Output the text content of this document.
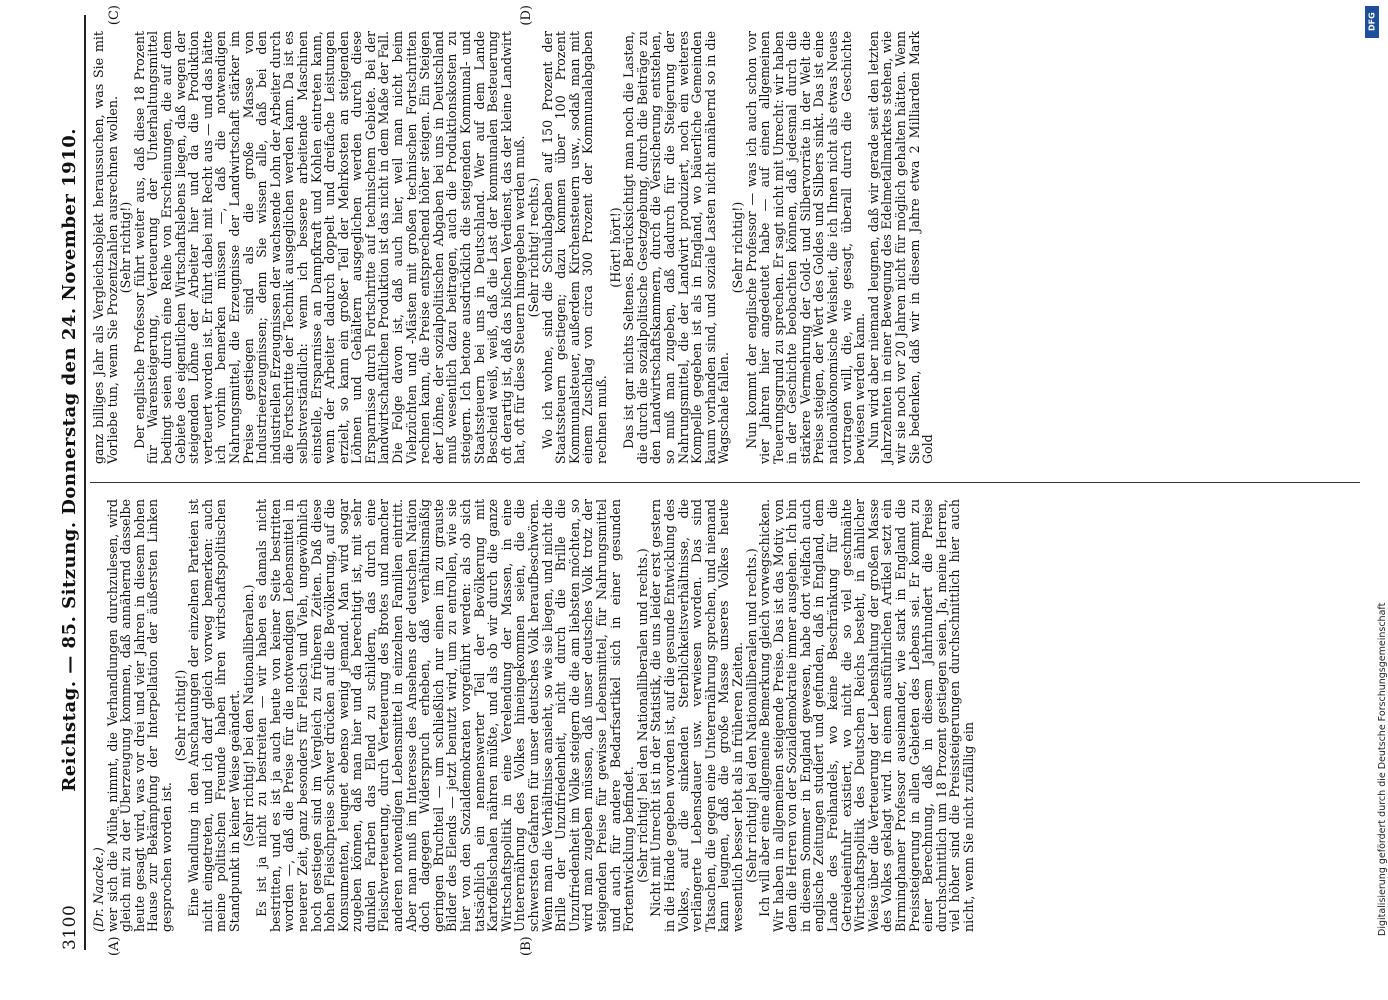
3100
Reichstag. — 85. Sitzung. Donnerstag den 24. November 1910.
(A)	(B)

(Dr. Naacke.)

wer sich die Mühe nimmt, die Verhandlungen durchzulesen, wird gleich mit zu der Überzeugung kommen, daß annähernd dasselbe heute gesagt wird, was vor drei und vier Jahren in diesem hohen Hause zur Bekämpfung der Interpellation der äußersten Linken gesprochen worden ist.

(Sehr richtig!)

Eine Wandlung in den Anschauungen der einzelnen Parteien ist nicht eingetreten, und ich darf gleich vorweg bemerken: auch meine politischen Freunde haben ihren wirtschaftspolitischen Standpunkt in keiner Weise geändert.

(Sehr richtig! bei den Nationalliberalen.)

Es ist ja nicht zu bestreiten — wir haben es damals nicht bestritten, und es ist ja auch heute von keiner Seite bestritten worden —, daß die Preise für die notwendigen Lebensmittel in neuerer Zeit, ganz besonders für Fleisch und Vieh, ungewöhnlich hoch gestiegen sind im Vergleich zu früheren Zeiten. Daß diese hohen Fleischpreise schwer drücken auf die Bevölkerung, auf die Konsumenten, leugnet ebenso wenig jemand. Man wird sogar zugeben können, daß man hier und da berechtigt ist, mit sehr dunklen Farben das Elend zu schildern, das durch eine Fleischverteuerung, durch Verteuerung des Brotes und mancher anderen notwendigen Lebensmittel in einzelnen Familien eintritt. Aber man muß im Interesse des Ansehens der deutschen Nation doch dagegen Widerspruch erheben, daß verhältnismäßig geringen Bruchteil — um schließlich nur einen im zu grauste Bilder des Elends — jetzt benutzt wird, um zu entrollen, wie sie hier von den Sozialdemokraten vorgeführt werden: als ob sich tatsächlich ein nennenswerter Teil der Bevölkerung mit Kartoffelschalen nähren müßte, und als ob wir durch die ganze Wirtschaftspolitik in eine Verelendung der Massen, in eine Unterernährung des Volkes hineingekommen seien, die die schwersten Gefahren für unser deutsches Volk heraufbeschwören. Wenn man die Verhältnisse ansieht, so wie sie liegen, und nicht die Brille der Unzufriedenheit, nicht durch die Brille die Unzufriedenheit im Volke steigern die die am liebsten möchten, so wird man zugeben müssen, daß unser deutsches Volk trotz der steigenden Preise für gewisse Lebensmittel, für Nahrungsmittel und auch für andere Bedarfsartikel sich in einer gesunden Fortentwicklung befindet.

(Sehr richtig! bei den Nationalliberalen und rechts.)

Nicht mit Unrecht ist in der Statistik, die uns leider erst gestern in die Hände gegeben worden ist, auf die gesunde Entwicklung des Volkes, auf die sinkenden Sterblichkeitsverhältnisse, die verlängerte Lebensdauer usw. verwiesen worden. Das sind Tatsachen, die gegen eine Unterernährung sprechen, und niemand kann leugnen, daß die große Masse unseres Volkes heute wesentlich besser lebt als in früheren Zeiten.

(Sehr richtig! bei den Nationalliberalen und rechts.)

Ich will aber eine allgemeine Bemerkung gleich vorwegschicken. Wir haben in allgemeinen steigende Preise. Das ist das Motiv, von dem die Herren von der Sozialdemokratie immer ausgehen. Ich bin in diesem Sommer in England gewesen, habe dort vielfach auch englische Zeitungen studiert und gefunden, daß in England, dem Lande des Freihandels, wo keine Beschränkung für die Getreideeinfuhr existiert, wo nicht die so viel geschmähte Wirtschaftspolitik des Deutschen Reichs besteht, in ähnlicher Weise über die Verteuerung der Lebenshaltung der großen Masse des Volkes geklagt wird. In einem ausführlichen Artikel setzt ein Birminghamer Professor auseinander, wie stark in England die Preissteigerung in allen Gebieten des Lebens sei. Er kommt zu einer Berechnung, daß in diesem Jahrhundert die Preise durchschnittlich um 18 Prozent gestiegen seien. Ja, meine Herren, viel höher sind die Preissteigerungen durchschnittlich hier auch nicht, wenn Sie nicht zufällig ein

(C)	(D)

ganz billiges Jahr als Vergleichsobjekt heraussuchen, was Sie mit Vorliebe tun, wenn Sie Prozentzahlen ausrechnen wollen.

(Sehr richtig!)

Der englische Professor führt weiter aus, daß diese 18 Prozent für Warensteigerung, Verteuerung der Unterhaltungsmittel bedingt seien durch eine Reihe von Erscheinungen, die auf dem Gebiete des eigentlichen Wirtschaftslebens liegen, daß wegen der steigenden Löhne der Arbeiter hier und da die Produktion verteuert worden ist. Er führt dabei mit Recht aus — und das hätte ich vorhin bemerken müssen —, daß die notwendigen Nahrungsmittel, die Erzeugnisse der Landwirtschaft stärker im Preise gestiegen sind als die große Masse von Industrieerzeugnissen; denn Sie wissen alle, daß bei den industriellen Erzeugnissen der wachsende Lohn der Arbeiter durch die Fortschritte der Technik ausgeglichen werden kann. Da ist es selbstverständlich: wenn ich bessere arbeitende Maschinen einstelle, Ersparnisse an Dampfkraft und Kohlen eintreten kann, wenn der Arbeiter dadurch doppelt und dreifache Leistungen erzielt, so kann ein großer Teil der Mehrkosten an steigenden Löhnen und Gehältern ausgeglichen werden durch diese Ersparnisse durch Fortschritte auf technischem Gebiete. Bei der landwirtschaftlichen Produktion ist das nicht in dem Maße der Fall. Die Folge davon ist, daß auch hier, weil man nicht beim Viehzüchten und -Mästen mit großen technischen Fortschritten rechnen kann, die Preise entsprechend höher steigen. Ein Steigen der Löhne, der sozialpolitischen Abgaben bei uns in Deutschland muß wesentlich dazu beitragen, auch die Produktionskosten zu steigern. Ich betone ausdrücklich die steigenden Kommunal- und Staatssteuern bei uns in Deutschland. Wer auf dem Lande Bescheid weiß, weiß, daß die Last der kommunalen Besteuerung oft derartig ist, daß das bißchen Verdienst, das der kleine Landwirt hat, oft für diese Steuern hingegeben werden muß.

(Sehr richtig! rechts.)

Wo ich wohne, sind die Schulabgaben auf 150 Prozent der Staatssteuern gestiegen; dazu kommen über 100 Prozent Kommunalsteuer, außerdem Kirchensteuern usw., sodaß man mit einem Zuschlag von circa 300 Prozent der Kommunalabgaben rechnen muß.

(Hört! hört!)

Das ist gar nichts Seltenes. Berücksichtigt man noch die Lasten, die durch die sozialpolitische Gesetzgebung, durch die Beiträge zu den Landwirtschaftskammern, durch die Versicherung entstehen, so muß man zugeben, daß dadurch für die Steigerung der Nahrungsmittel, die der Landwirt produziert, noch ein weiteres Kompelle gegeben ist als in England, wo bäuerliche Gemeinden kaum vorhanden sind, und soziale Lasten nicht annähernd so in die Wagschale fallen.

(Sehr richtig!)

Nun kommt der englische Professor — was ich auch schon vor vier Jahren hier angedeutet habe — auf einen allgemeinen Teuerungsgrund zu sprechen. Er sagt nicht mit Unrecht: wir haben in der Geschichte beobachten können, daß jedesmal durch die stärkere Vermehrung der Gold- und Silbervorräte in der Welt die Preise steigen, der Wert des Goldes und Silbers sinkt. Das ist eine nationalökonomische Weisheit, die ich Ihnen nicht als etwas Neues vortragen will, die, wie gesagt, überall durch die Geschichte bewiesen werden kann.

Nun wird aber niemand leugnen, daß wir gerade seit den letzten Jahrzehnten in einer Bewegung des Edelmetallmarktes stehen, wie wir sie noch vor 20 Jahren nicht für möglich gehalten hätten. Wenn Sie bedenken, daß wir in diesem Jahre etwa 2 Milliarden Mark Gold

DFG
Digitalisierung gefördert durch die Deutsche Forschungsgemeinschaft
